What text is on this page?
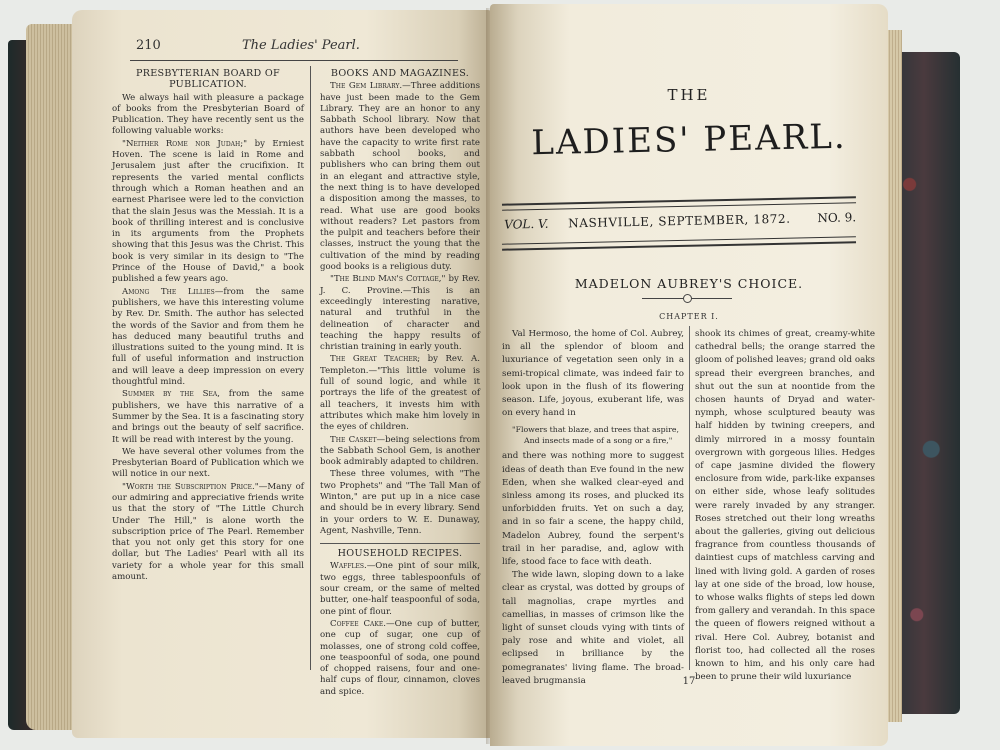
210	The Ladies' Pearl.
PRESBYTERIAN BOARD OF PUBLICATION.

We always hail with pleasure a package of books from the Presbyterian Board of Publication. They have recently sent us the following valuable works:

"Neither Rome nor Judah;" by Erniest Hoven. The scene is laid in Rome and Jerusalem just after the crucifixion. It represents the varied mental conflicts through which a Roman heathen and an earnest Pharisee were led to the conviction that the slain Jesus was the Messiah. It is a book of thrilling interest and is conclusive in its arguments from the Prophets showing that this Jesus was the Christ. This book is very similar in its design to "The Prince of the House of David," a book published a few years ago.

Among The Lillies—from the same publishers, we have this interesting volume by Rev. Dr. Smith. The author has selected the words of the Savior and from them he has deduced many beautiful truths and illustrations suited to the young mind. It is full of useful information and instruction and will leave a deep impression on every thoughtful mind.

Summer by the Sea, from the same publishers, we have this narrative of a Summer by the Sea. It is a fascinating story and brings out the beauty of self sacrifice. It will be read with interest by the young.

We have several other volumes from the Presbyterian Board of Publication which we will notice in our next.

"Worth the Subscription Price."—Many of our admiring and appreciative friends write us that the story of "The Little Church Under The Hill," is alone worth the subscription price of The Pearl. Remember that you not only get this story for one dollar, but The Ladies' Pearl with all its variety for a whole year for this small amount.

BOOKS AND MAGAZINES.

The Gem Library.—Three additions have just been made to the Gem Library. They are an honor to any Sabbath School library. Now that authors have been developed who have the capacity to write first rate sabbath school books, and publishers who can bring them out in an elegant and attractive style, the next thing is to have developed a disposition among the masses, to read. What use are good books without readers? Let pastors from the pulpit and teachers before their classes, instruct the young that the cultivation of the mind by reading good books is a religious duty.

"The Blind Man's Cottage," by Rev. J. C. Provine.—This is an exceedingly interesting narative, natural and truthful in the delineation of character and teaching the happy results of christian training in early youth.

The Great Teacher; by Rev. A. Templeton.—"This little volume is full of sound logic, and while it portrays the life of the greatest of all teachers, it invests him with attributes which make him lovely in the eyes of children.

The Casket—being selections from the Sabbath School Gem, is another book admirably adapted to children.

These three volumes, with "The two Prophets" and "The Tall Man of Winton," are put up in a nice case and should be in every library. Send in your orders to W. E. Dunaway, Agent, Nashville, Tenn.

HOUSEHOLD RECIPES.

Waffles.—One pint of sour milk, two eggs, three tablespoonfuls of sour cream, or the same of melted butter, one-half teaspoonful of soda, one pint of flour.

Coffee Cake.—One cup of butter, one cup of sugar, one cup of molasses, one of strong cold coffee, one teaspoonful of soda, one pound of chopped raisens, four and one-half cups of flour, cinnamon, cloves and spice.

THE
LADIES' PEARL.
VOL. V. NASHVILLE, SEPTEMBER, 1872. NO. 9.
MADELON AUBREY'S CHOICE.
CHAPTER I.

Val Hermoso, the home of Col. Aubrey, in all the splendor of bloom and luxuriance of vegetation seen only in a semi-tropical climate, was indeed fair to look upon in the flush of its flowering season. Life, joyous, exuberant life, was on every hand in

"Flowers that blaze, and trees that aspire,
And insects made of a song or a fire,"

and there was nothing more to suggest ideas of death than Eve found in the new Eden, when she walked clear-eyed and sinless among its roses, and plucked its unforbidden fruits. Yet on such a day, and in so fair a scene, the happy child, Madelon Aubrey, found the serpent's trail in her paradise, and, aglow with life, stood face to face with death.

The wide lawn, sloping down to a lake clear as crystal, was dotted by groups of tall magnolias, crape myrtles and camellias, in masses of crimson like the light of sunset clouds vying with tints of paly rose and white and violet, all eclipsed in brilliance by the pomegranates' living flame. The broad-leaved brugmansia

shook its chimes of great, creamy-white cathedral bells; the orange starred the gloom of polished leaves; grand old oaks spread their evergreen branches, and shut out the sun at noontide from the chosen haunts of Dryad and water-nymph, whose sculptured beauty was half hidden by twining creepers, and dimly mirrored in a mossy fountain overgrown with gorgeous lilies. Hedges of cape jasmine divided the flowery enclosure from wide, park-like expanses on either side, whose leafy solitudes were rarely invaded by any stranger. Roses stretched out their long wreaths about the galleries, giving out delicious fragrance from countless thousands of daintiest cups of matchless carving and lined with living gold. A garden of roses lay at one side of the broad, low house, to whose walks flights of steps led down from gallery and verandah. In this space the queen of flowers reigned without a rival. Here Col. Aubrey, botanist and florist too, had collected all the roses known to him, and his only care had been to prune their wild luxuriance

17
